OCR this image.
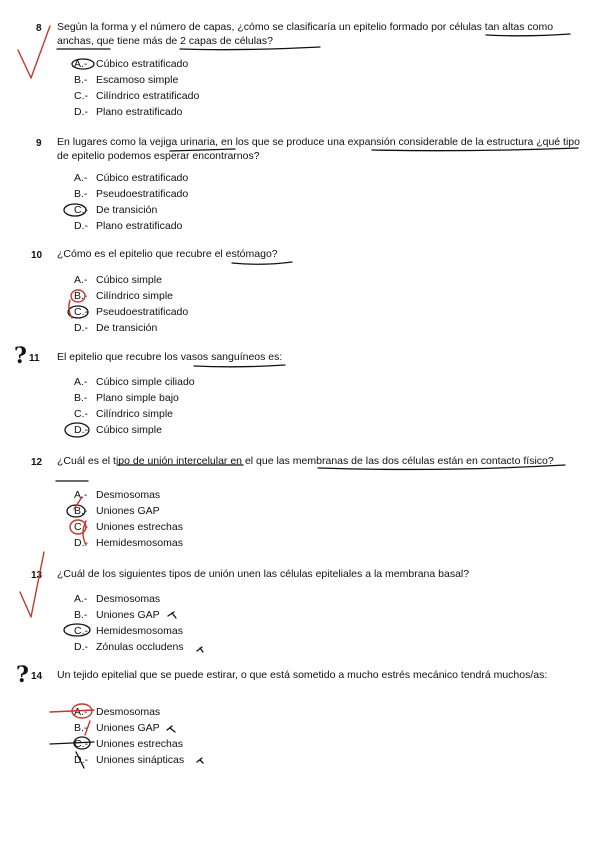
8 Según la forma y el número de capas, ¿cómo se clasificaría un epitelio formado por células tan altas como anchas, que tiene más de 2 capas de células?
A.- Cúbico estratificado
B.- Escamoso simple
C.- Cilíndrico estratificado
D.- Plano estratificado
9 En lugares como la vejiga urinaria, en los que se produce una expansión considerable de la estructura ¿qué tipo de epitelio podemos esperar encontrarnos?
A.- Cúbico estratificado
B.- Pseudoestratificado
C.- De transición
D.- Plano estratificado
10 ¿Cómo es el epitelio que recubre el estómago?
A.- Cúbico simple
B.- Cilíndrico simple
C.- Pseudoestratificado
D.- De transición
? 11 El epitelio que recubre los vasos sanguíneos es:
A.- Cúbico simple ciliado
B.- Plano simple bajo
C.- Cilíndrico simple
D.- Cúbico simple
12 ¿Cuál es el tipo de unión intercelular en el que las membranas de las dos células están en contacto físico?
A.- Desmosomas
B.- Uniones GAP
C.- Uniones estrechas
D.- Hemidesmosomas
13 ¿Cuál de los siguientes tipos de unión unen las células epiteliales a la membrana basal?
A.- Desmosomas
B.- Uniones GAP
C.- Hemidesmosomas
D.- Zónulas occludens
? 14 Un tejido epitelial que se puede estirar, o que está sometido a mucho estrés mecánico tendrá muchos/as:
A.- Desmosomas
B.- Uniones GAP
C.- Uniones estrechas
D.- Uniones sinápticas
